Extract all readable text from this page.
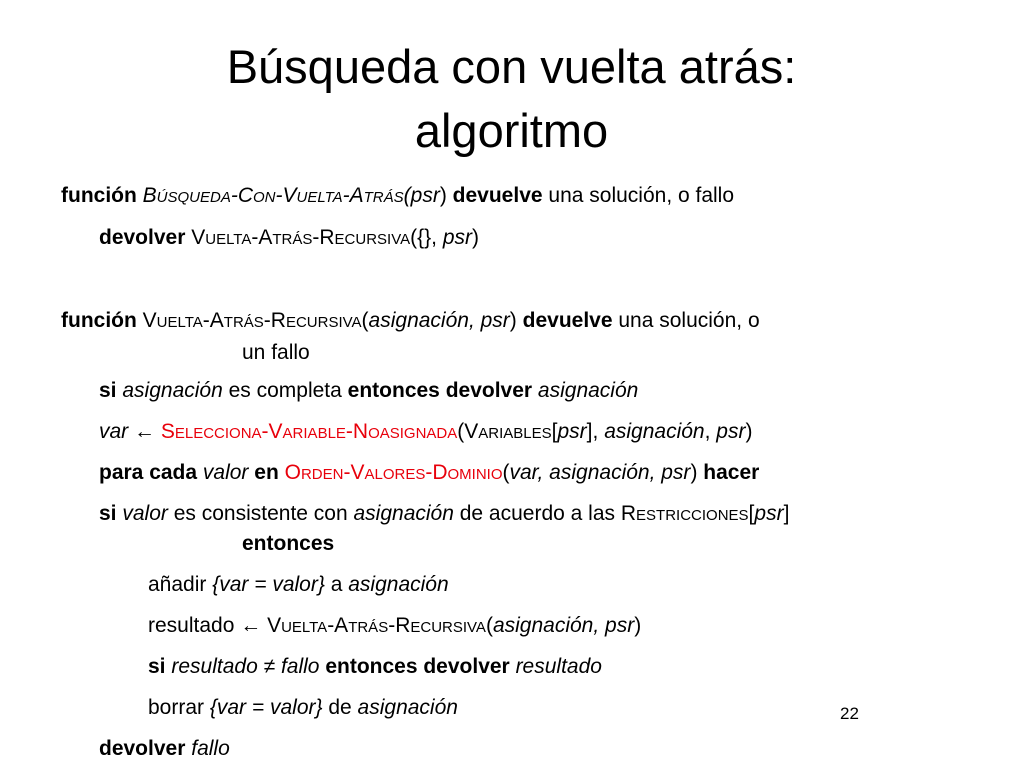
Búsqueda con vuelta atrás:
algoritmo
función Búsqueda-Con-Vuelta-Atrás(psr) devuelve una solución, o fallo
devolver Vuelta-Atrás-Recursiva({}, psr)
función Vuelta-Atrás-Recursiva(asignación, psr) devuelve una solución, o
un fallo
si asignación es completa entonces devolver asignación
var ← Selecciona-Variable-Noasignada(Variables[psr], asignación, psr)
para cada valor en Orden-Valores-Dominio(var, asignación, psr) hacer
si valor es consistente con asignación de acuerdo a las Restricciones[psr]
entonces
añadir {var = valor} a asignación
resultado ← Vuelta-Atrás-Recursiva(asignación, psr)
si resultado ≠ fallo entonces devolver resultado
borrar {var = valor} de asignación
devolver fallo
22
